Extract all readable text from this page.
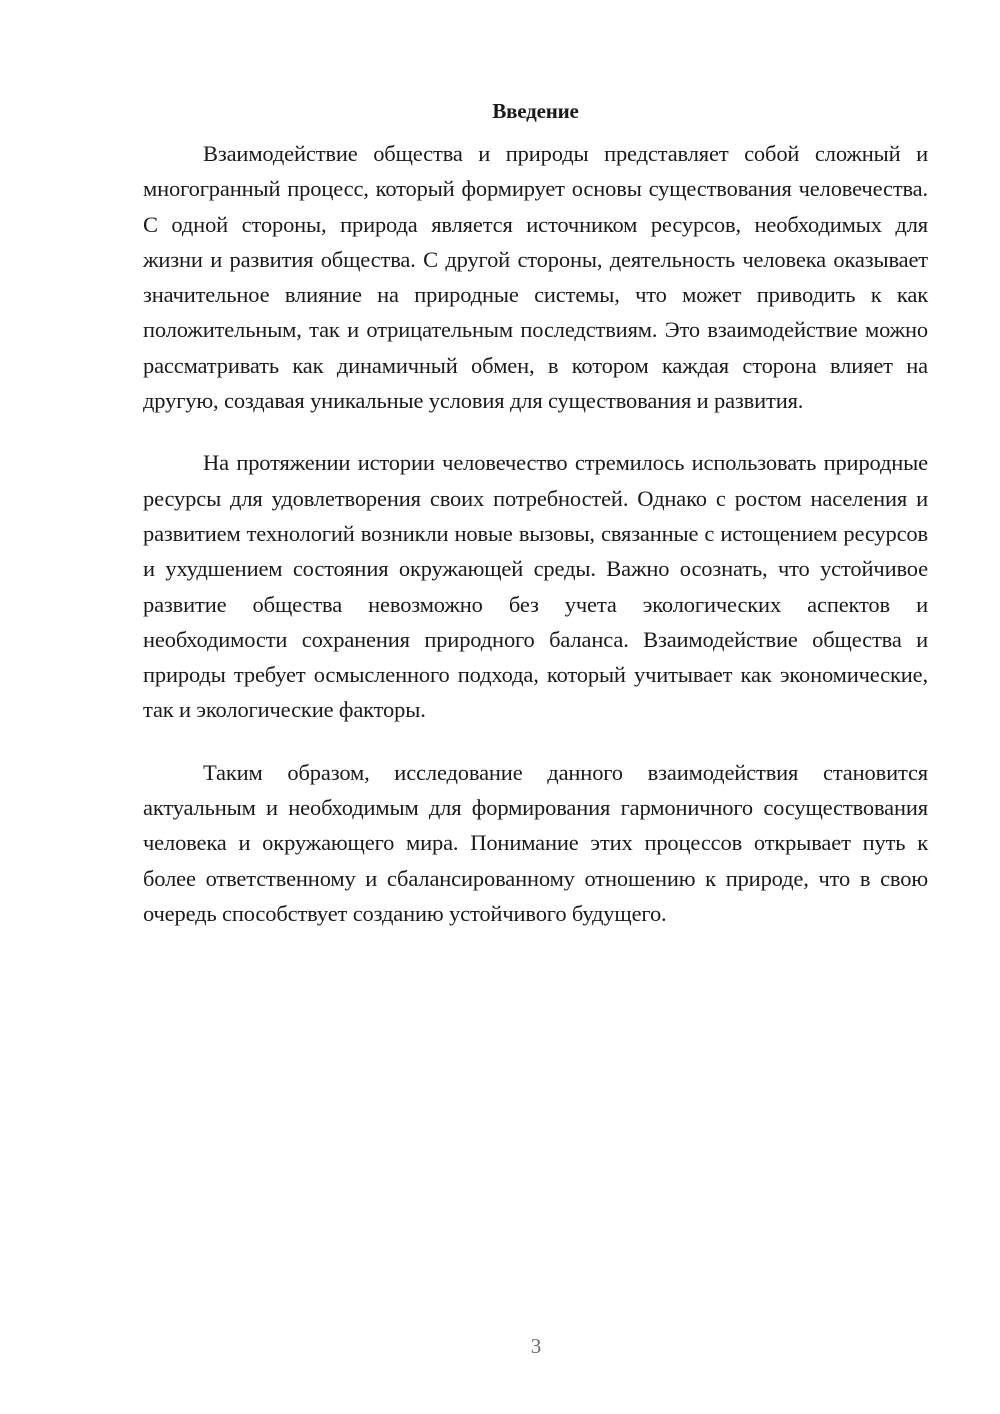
Введение

Взаимодействие общества и природы представляет собой сложный и многогранный процесс, который формирует основы существования человечества. С одной стороны, природа является источником ресурсов, необходимых для жизни и развития общества. С другой стороны, деятельность человека оказывает значительное влияние на природные системы, что может приводить к как положительным, так и отрицательным последствиям. Это взаимодействие можно рассматривать как динамичный обмен, в котором каждая сторона влияет на другую, создавая уникальные условия для существования и развития.

На протяжении истории человечество стремилось использовать природные ресурсы для удовлетворения своих потребностей. Однако с ростом населения и развитием технологий возникли новые вызовы, связанные с истощением ресурсов и ухудшением состояния окружающей среды. Важно осознать, что устойчивое развитие общества невозможно без учета экологических аспектов и необходимости сохранения природного баланса. Взаимодействие общества и природы требует осмысленного подхода, который учитывает как экономические, так и экологические факторы.

Таким образом, исследование данного взаимодействия становится актуальным и необходимым для формирования гармоничного сосуществования человека и окружающего мира. Понимание этих процессов открывает путь к более ответственному и сбалансированному отношению к природе, что в свою очередь способствует созданию устойчивого будущего.

3
